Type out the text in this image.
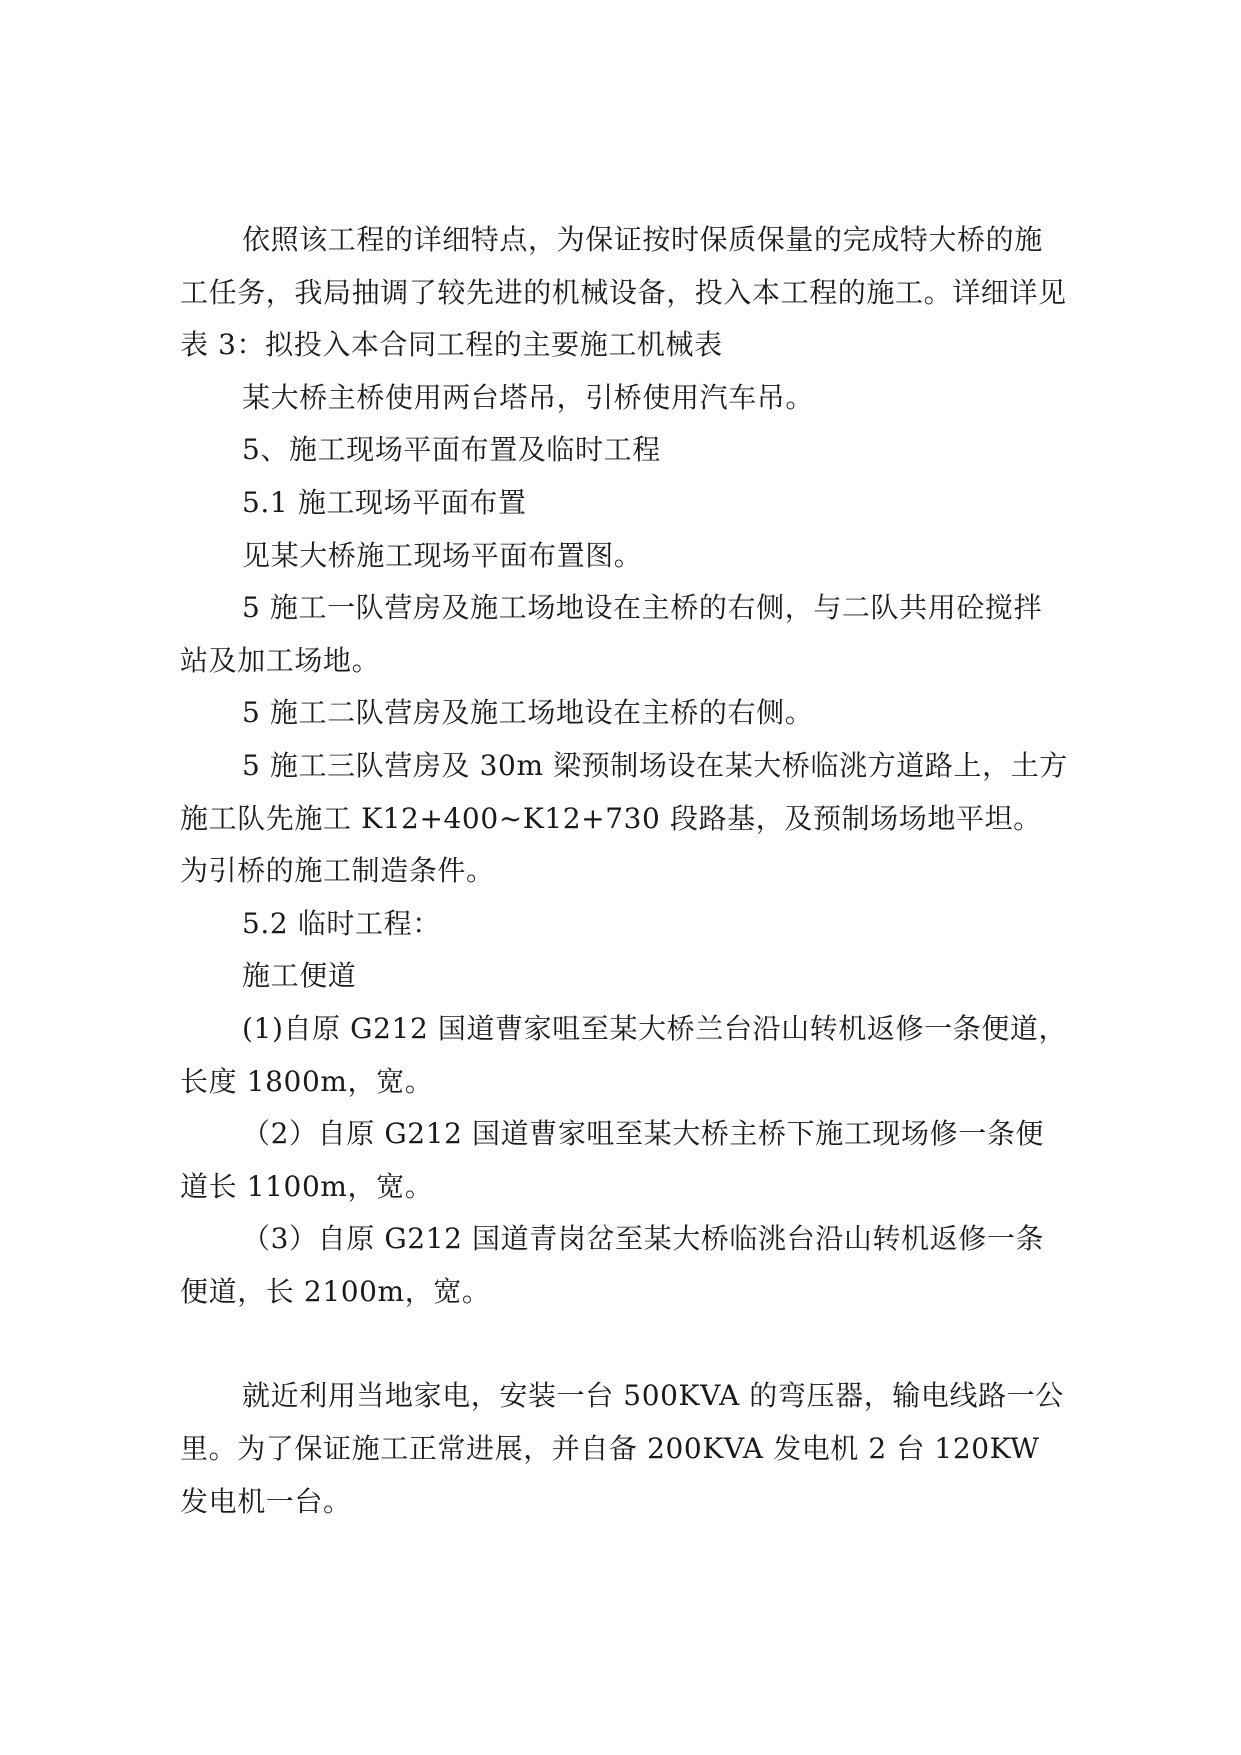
依照该工程的详细特点，为保证按时保质保量的完成特大桥的施工任务，我局抽调了较先进的机械设备，投入本工程的施工。详细详见表 3：拟投入本合同工程的主要施工机械表

某大桥主桥使用两台塔吊，引桥使用汽车吊。

5、施工现场平面布置及临时工程

5.1 施工现场平面布置

见某大桥施工现场平面布置图。

5 施工一队营房及施工场地设在主桥的右侧，与二队共用砼搅拌站及加工场地。

5 施工二队营房及施工场地设在主桥的右侧。

5 施工三队营房及 30m 梁预制场设在某大桥临洮方道路上，土方施工队先施工 K12+400~K12+730 段路基，及预制场场地平坦。为引桥的施工制造条件。

5.2 临时工程：

施工便道

(1)自原 G212 国道曹家咀至某大桥兰台沿山转机返修一条便道，长度 1800m，宽。

（2）自原 G212 国道曹家咀至某大桥主桥下施工现场修一条便道长 1100m，宽。

（3）自原 G212 国道青岗岔至某大桥临洮台沿山转机返修一条便道，长 2100m，宽。

就近利用当地家电，安装一台 500KVA 的弯压器，输电线路一公里。为了保证施工正常进展，并自备 200KVA 发电机 2 台 120KW 发电机一台。
